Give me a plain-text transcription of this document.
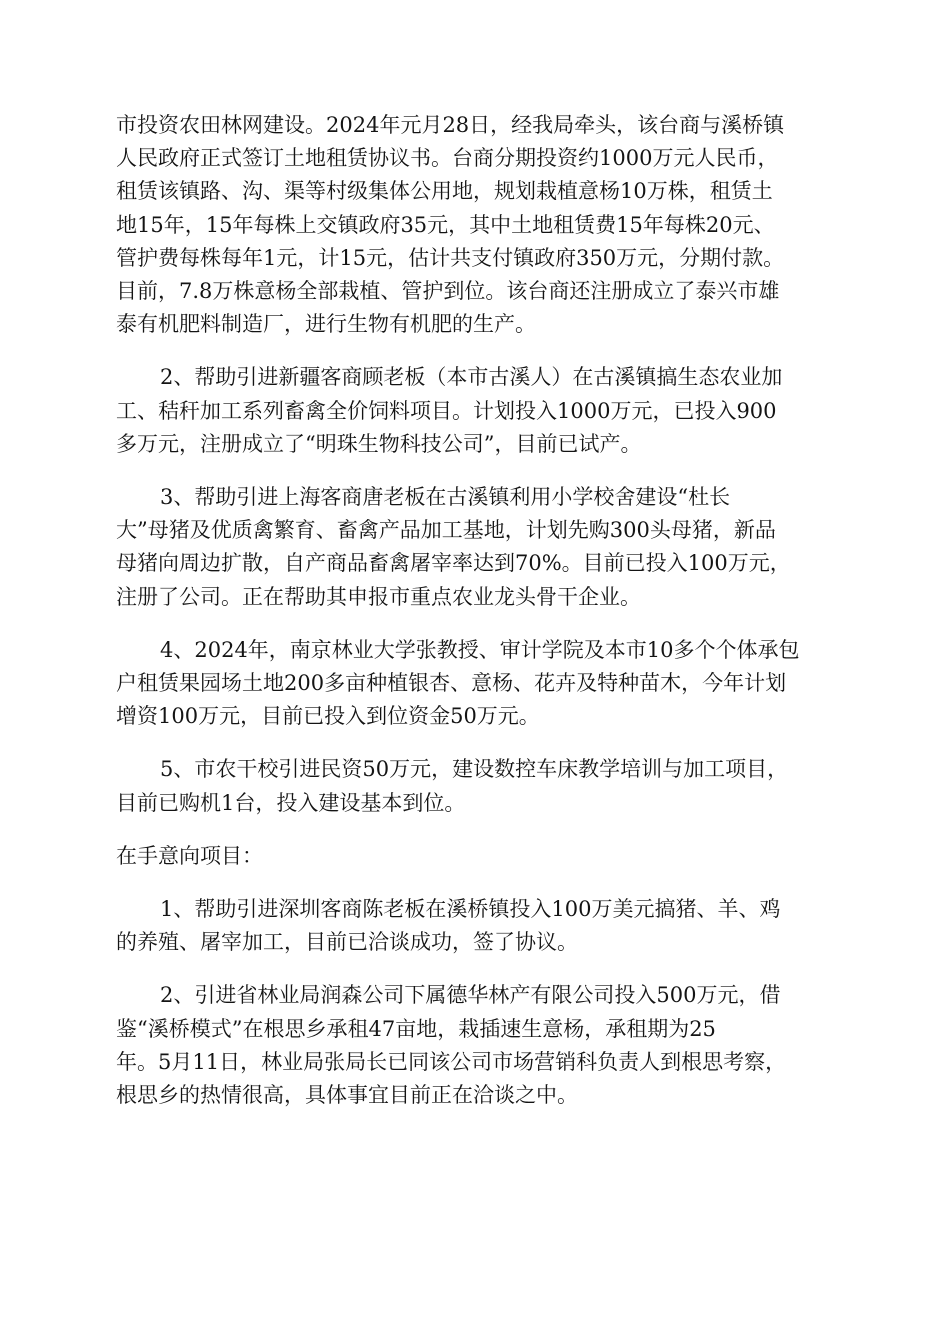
市投资农田林网建设。2024年元月28日，经我局牵头，该台商与溪桥镇
人民政府正式签订土地租赁协议书。台商分期投资约1000万元人民币，
租赁该镇路、沟、渠等村级集体公用地，规划栽植意杨10万株，租赁土
地15年，15年每株上交镇政府35元，其中土地租赁费15年每株20元、
管护费每株每年1元，计15元，估计共支付镇政府350万元，分期付款。
目前，7.8万株意杨全部栽植、管护到位。该台商还注册成立了泰兴市雄
泰有机肥料制造厂，进行生物有机肥的生产。
2、帮助引进新疆客商顾老板（本市古溪人）在古溪镇搞生态农业加
工、秸秆加工系列畜禽全价饲料项目。计划投入1000万元，已投入900
多万元，注册成立了“明珠生物科技公司”，目前已试产。
3、帮助引进上海客商唐老板在古溪镇利用小学校舍建设“杜长
大”母猪及优质禽繁育、畜禽产品加工基地，计划先购300头母猪，新品
母猪向周边扩散，自产商品畜禽屠宰率达到70%。目前已投入100万元，
注册了公司。正在帮助其申报市重点农业龙头骨干企业。
4、2024年，南京林业大学张教授、审计学院及本市10多个个体承包
户租赁果园场土地200多亩种植银杏、意杨、花卉及特种苗木，今年计划
增资100万元，目前已投入到位资金50万元。
5、市农干校引进民资50万元，建设数控车床教学培训与加工项目，
目前已购机1台，投入建设基本到位。
在手意向项目：
1、帮助引进深圳客商陈老板在溪桥镇投入100万美元搞猪、羊、鸡
的养殖、屠宰加工，目前已洽谈成功，签了协议。
2、引进省林业局润森公司下属德华林产有限公司投入500万元，借
鉴“溪桥模式”在根思乡承租47亩地，栽插速生意杨，承租期为25
年。5月11日，林业局张局长已同该公司市场营销科负责人到根思考察，
根思乡的热情很高，具体事宜目前正在洽谈之中。
